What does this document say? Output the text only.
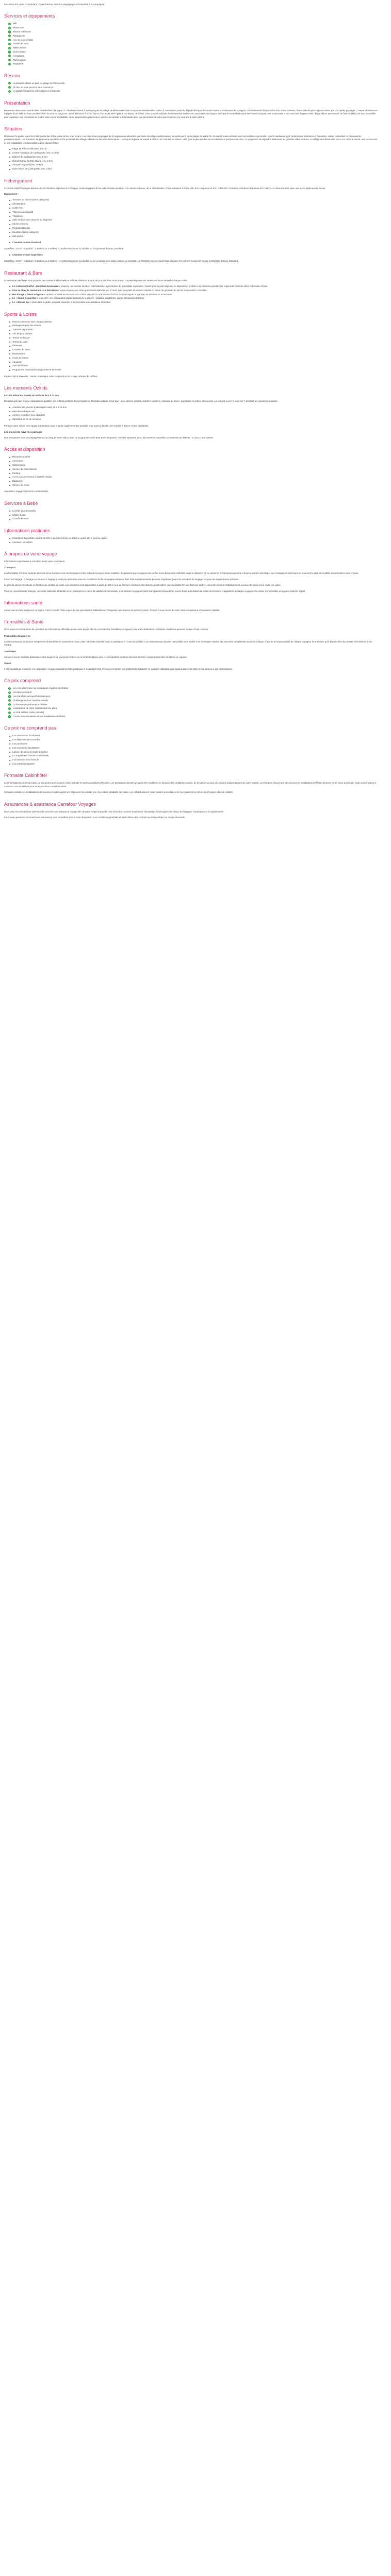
Excursion à la carte comprenant : Coup d'oeil au sein d'un paysage pour l'ensemble à la compagnie.

Services et équipements
✓ Wifi
✓ Restaurant
✓ Piscine extérieure
✓ Pataugeoire
✓ Aire de jeux enfants
✓ Terrain de sport
✓ Tables tennis
✓ Club enfants
✓ Animations
✓ Parking privé
✓ Bagagerie
Réseau
✓ La situation idéale au pied du village de Plémonville
✓ Un lieu où vous pourrez vous ressourcer
✓ Le parfait compromis entre nature et modernité
Présentation

Bienvenue dans notre Grand Hôtel Grand Hôtel Clarivigne 3*. Idéalement situé à quelques pas du village de Plémonville dans un quartier résidentiel et calme, il constitue le point de départ idéal pour découvrir toutes les richesses de la région. L'établissement dispose d'un bar, d'une terrasse, d'une salle de petit-déjeuner ainsi que d'un jardin paysager. Chaque chambre est équipée d'une salle de bain privative avec douche ou baignoire, d'une télévision à écran plat et d'un accès Wi-Fi gratuit. Au départ de l'hôtel, vous pourrez rejoindre facilement les sentiers de randonnée, les plages ainsi que le centre historique avec ses boutiques, ses restaurants et ses marchés. Le personnel, disponible et attentionné, se fera un plaisir de vous conseiller pour organiser vos excursions et rendre votre séjour inoubliable. Nous proposons également un service de navette sur demande ainsi que la location de vélos pour explorer les environs à votre rythme.

Situation

Découvrez la pointe ouest du Carlinguiste des Cités, entre terres, mer et lacs. Les plus beaux paysages de la région vous attendent, ponctués de villages pittoresques, de petits ports et de plages de sable fin. De nombreuses activités sont accessibles à proximité : sports nautiques, golf, randonnées pédestres et équestres, visites culturelles ou découvertes gastronomiques. Les amateurs de patrimoine apprécieront la proximité des villages classés et des sites historiques. L'aéroport régional se trouve à environ 40 minutes en voiture, et la gare la plus proche est accessible en quelques minutes, ce qui permet de rejoindre facilement les grandes villes voisines. Le village de Plémonville, avec son marché animé, ses commerces et ses restaurants, est accessible à pied depuis l'hôtel.

Plage de Plémonville (env. 300 m)
Centre historique de Carlinguiste (env. 2,5 km)
Marché de Carlinguiste (env. 3 km)
Grand Golf de la Côte Ouest (env. 6 km)
Aéroport régional (env. 40 km)
Gare SNCF de Carlinguiste (env. 3 km)
Hébergement

Le Grand Hôtel Clarivigne dispose de 82 chambres réparties sur 3 étages, toutes équipées d'une salle de bain privative, d'un sèche-cheveux, de la climatisation, d'une télévision à écran plat, d'un téléphone et d'un coffre-fort. Certaines chambres disposent d'un balcon ou d'une terrasse avec vue sur le jardin ou sur la mer.

Équipement :

Terrasse ou balcon (selon catégorie)
Climatisation
Coffre-fort
Télévision écran plat
Téléphone
Salle de bain avec douche ou baignoire
Sèche-cheveux
Produits d'accueil
Bouilloire (selon catégorie)
Wifi gratuit
Chambre Deluxe Standard

Superficie : 18 m² - Capacité : 2 adultes ou 2 adultes + 1 enfant maximum. Lit double ou lits jumeaux, bureau, penderie.

Chambre Deluxe Supérieure

Superficie : 24 m² - Capacité : 2 adultes ou 2 adultes + 1 enfant maximum. Lit double ou lits jumeaux, coin salon, balcon ou terrasse. La Chambre Deluxe Supérieure dispose des mêmes équipements que la Chambre Deluxe Standard.

Restaurant & Bars

Le restaurant de l'hôtel vous propose une cuisine traditionnelle et raffinée élaborée à partir de produits frais et de saison. Le petit-déjeuner est servi sous forme de buffet chaque matin.

Le restaurant buffet « Méridiale Restaurant » propose une cuisine locale et internationale, agrémentée de spécialités régionales. Ouvert pour le petit-déjeuner, le déjeuner et le dîner. Les boissons pendant les repas sont incluses selon la formule choisie.
Pour le dîner, le restaurant « Le Pain Beau » vous propose une carte gourmande élaborée par le chef, avec des plats de saison mettant en valeur les produits du terroir. Réservation conseillée.
Bar-lounge « Zéro-Lucky-Bar » un lieu convivial où savourer un cocktail, un café ou une boisson fraîche tout au long de la journée, en intérieur ou en terrasse.
Le « Snack Ocean Bar » vous offre une restauration rapide au bord de la piscine : salades, sandwichs, glaces et boissons fraîches.
Le « Brasse Bar » situé dans le jardin, propose boissons et en-cas dans une ambiance détendue.
Sports & Loisirs
Piscine extérieure avec espace détente
Pataugeoire pour les enfants
Transats et parasols
Aire de jeux enfants
Terrain multisport
Tennis de table
Pétanque
Location de vélos
Randonnées
Cours de danse
Aquagym
Salle de fitness
Programme d'animations en journée et en soirée

Espace Spa & Bien-être : sauna, massages, soins corporels et du visage, séance de coiffure...

Les moments Ozkids

Le club enfant est ouvert aux enfants de 4 à 12 ans.

Encadrés par une équipe d'animateurs qualifiés, les enfants profitent d'un programme d'activités adapté à leur âge : jeux, ateliers créatifs, activités sportives, chasses au trésor, spectacles et sorties découverte. Le club est ouvert 6 jours sur 7 pendant les vacances scolaires.

Activités à la journée (matin/après-midi) de 4 à 12 ans
Mini-disco chaque soir
Ateliers créatifs et jeux éducatifs
Spectacle de fin de semaine

Pendant votre séjour, une équipe d'animation vous propose également des activités pour toute la famille, des soirées à thème et des spectacles.

Les moments ouverts à partager

Nos animateurs vous accompagnent tout au long de votre séjour avec un programme varié pour petits et grands. Activités sportives, jeux, découvertes culturelles ou moments de détente : à chacun son rythme.

Accès et disposition
Réception 24h/24
Ascenseur
Conciergerie
Service de blanchisserie
Parking
Accès aux personnes à mobilité réduite
Bagagerie
Service de réveil

Assurance voyage fortement recommandée.

Services à Bébé
Lit bébé (sur demande)
Chaise haute
Chauffe-biberon
Informations pratiques
Chambres disponibles à partir de 15h le jour de l'arrivée et à libérer avant 11h le jour du départ.
Animaux non admis.
À propos de votre voyage

Informations importantes à connaître avant votre réservation.

Transport

Les formalités d'entrée, la durée des vols et les horaires sont communiqués à titre indicatif et peuvent être modifiés. Il appartient aux voyageurs de vérifier leurs documents d'identité avant le départ et de se présenter à l'aéroport au moins 2 heures avant le décollage. Les compagnies aériennes se réservent le droit de modifier leurs horaires sans préavis.

Franchise bagage : 1 bagage en soute et 1 bagage à main par personne selon les conditions de la compagnie aérienne. Des frais supplémentaires peuvent s'appliquer pour tout excédent de bagages ou pour les équipements spéciaux.

Le prix du séjour est calculé en fonction du nombre de nuits. Les chambres sont disponibles à partir de 15h le jour de l'arrivée et doivent être libérées avant 11h le jour du départ. En cas d'arrivée tardive, merci de prévenir l'établissement. La taxe de séjour est à régler sur place.

Pour les ressortissants français, une carte nationale d'identité ou un passeport en cours de validité est nécessaire. Les mineurs voyageant sans leurs parents doivent être munis d'une autorisation de sortie du territoire. Il appartient à chaque voyageur de vérifier les formalités en vigueur avant le départ.

Informations santé

Aucun vaccin n'est exigé pour ce séjour. Il est conseillé d'être à jour de ses vaccinations habituelles et d'emporter une trousse de premiers soins. Pensez à vous munir de votre carte européenne d'assurance maladie.

Formalités & Santé

Nous vous recommandons de consulter les informations officielles avant votre départ afin de connaître les formalités en vigueur pour votre destination. Certaines conditions peuvent évoluer à tout moment.

Formalités douanières

Les ressortissants de l'Union européenne doivent être en possession d'une carte nationale d'identité ou d'un passeport en cours de validité. Les ressortissants d'autres nationalités sont invités à se renseigner auprès des autorités compétentes avant leur départ. Il est de la responsabilité de chaque voyageur de s'assurer qu'il dispose des documents nécessaires à son voyage.

Sanitaires

Aucune mesure sanitaire particulière n'est exigée à ce jour pour l'entrée sur le territoire. Nous vous recommandons toutefois de vous informer régulièrement des conditions en vigueur.

Santé

Il est conseillé de souscrire une assurance voyage couvrant les frais médicaux et le rapatriement. Pensez à emporter vos traitements habituels en quantité suffisante pour toute la durée de votre séjour ainsi que vos ordonnances.

Ce prix comprend
✓ Les vols aller/retour sur compagnie régulière ou charter
✓ Les taxes aéroport
✓ Les transferts aéroport/hôtel/aéroport
✓ L'hébergement en chambre double
✓ La formule de restauration choisie
✓ L'assistance de notre représentant sur place
✓ Le club enfants (selon période)
✓ L'accès aux animations et aux installations de l'hôtel
Ce prix ne comprend pas
Les assurances facultatives
Les dépenses personnelles
Les pourboires
Les excursions facultatives
La taxe de séjour à régler sur place
Le supplément chambre individuelle
Les boissons hors formule
Les activités payantes
Formalité Cabinhôtel

Les informations contenues dans ce document sont fournies à titre indicatif et sont susceptibles d'évoluer. Les prestations décrites peuvent être modifiées en fonction des conditions locales, de la saison ou pour des raisons indépendantes de notre volonté. Les horaires d'ouverture des services et installations de l'hôtel peuvent varier selon la période. Nous vous invitons à contacter nos conseillers pour toute précision complémentaire.

Certaines activités et installations sont soumises à un supplément et peuvent nécessiter une réservation préalable sur place. Les enfants doivent rester sous la surveillance de leurs parents en dehors des horaires du club enfants.

Assurances & assistance Carrefour Voyages

Nous vous recommandons vivement de souscrire une assurance voyage afin de partir l'esprit tranquille. Nos formules couvrent notamment l'annulation, l'interruption de séjour, les bagages, l'assistance et le rapatriement.

Pour toute question concernant nos assurances, nos conseillers sont à votre disposition. Les conditions générales et particulières des contrats sont disponibles sur simple demande.
